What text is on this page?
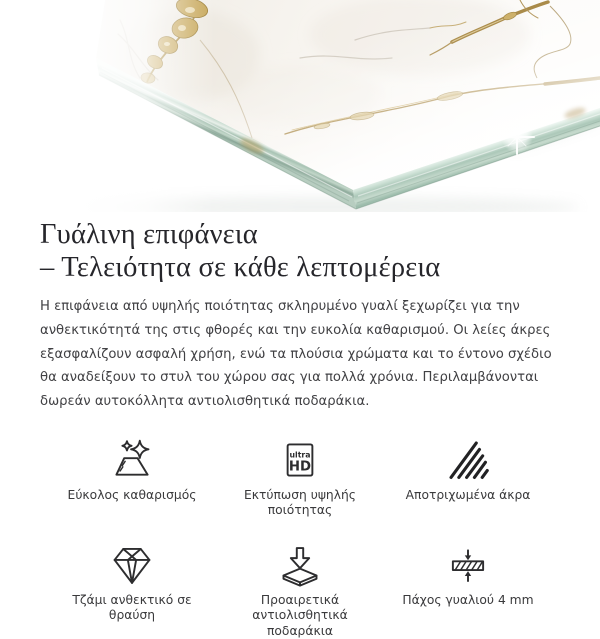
Γυάλινη επιφάνεια
– Τελειότητα σε κάθε λεπτομέρεια

Η επιφάνεια από υψηλής ποιότητας σκληρυμένο γυαλί ξεχωρίζει για την ανθεκτικότητά της στις φθορές και την ευκολία καθαρισμού. Οι λείες άκρες εξασφαλίζουν ασφαλή χρήση, ενώ τα πλούσια χρώματα και το έντονο σχέδιο θα αναδείξουν το στυλ του χώρου σας για πολλά χρόνια. Περιλαμβάνονται δωρεάν αυτοκόλλητα αντιολισθητικά ποδαράκια.

Εύκολος καθαρισμός
ultra
HD
Εκτύπωση υψηλής ποιότητας
Αποτριχωμένα άκρα
Τζάμι ανθεκτικό σε
θραύση
Προαιρετικά αντιολισθητικά
ποδαράκια
Πάχος γυαλιού 4 mm
